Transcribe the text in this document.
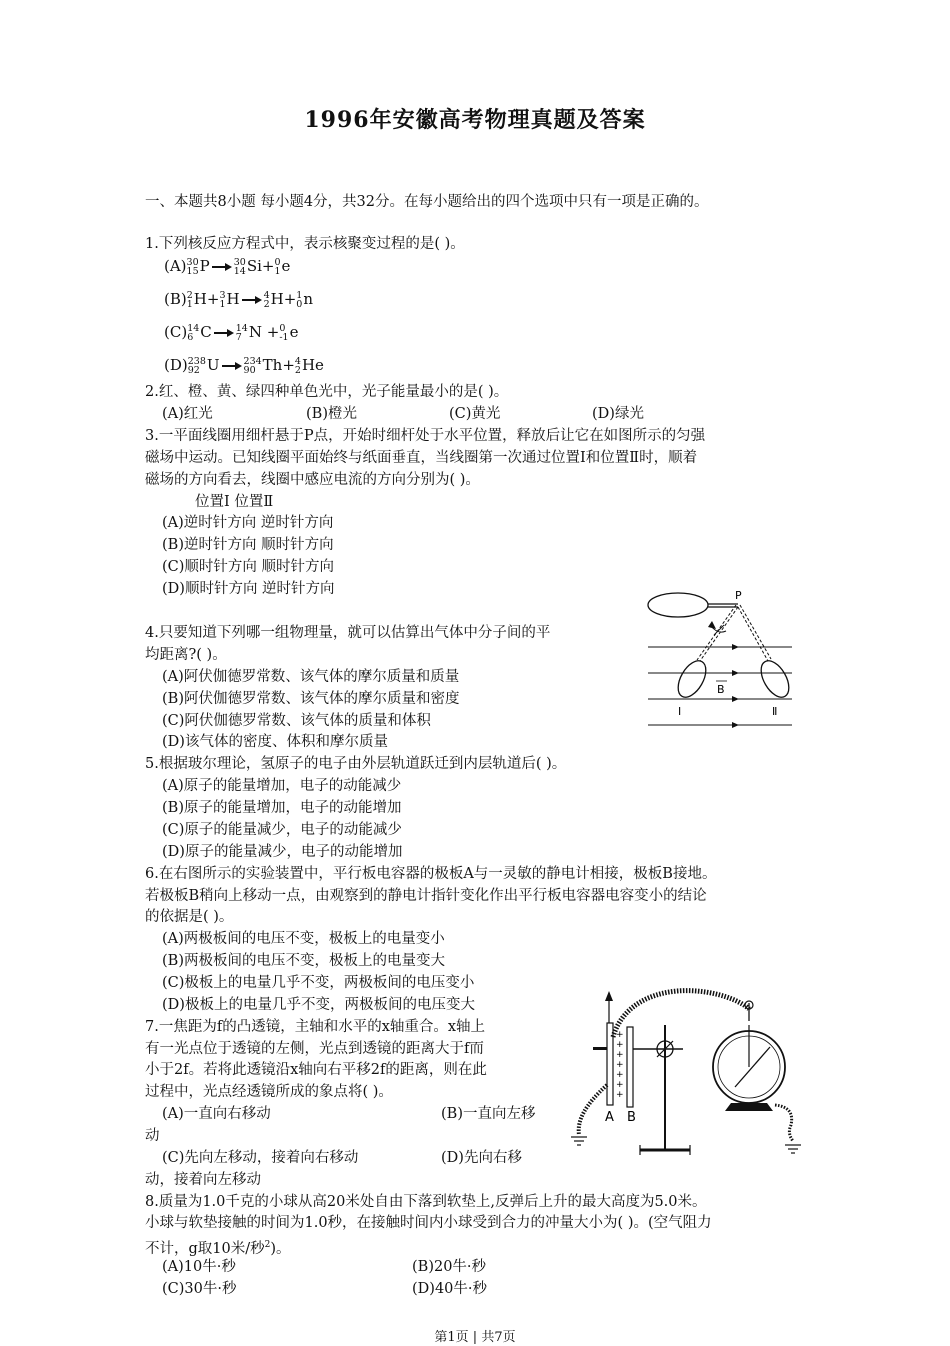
1996年安徽高考物理真题及答案
一、本题共8小题 每小题4分，共32分。在每小题给出的四个选项中只有一项是正确的。
1.下列核反应方程式中，表示核聚变过程的是( )。
(A) 30
15 P → 30
14 Si+ 0
1 e
(B) 2
1 H+ 3
1 H → 4
2 H+ 1
0 n
(C) 14
6 C → 14
7 N + 0
-1 e
(D) 238
92 U → 234
90 Th+ 4
2 He
2.红、橙、黄、绿四种单色光中，光子能量最小的是( )。
(A)红光	(B)橙光	(C)黄光	(D)绿光
3.一平面线圈用细杆悬于P点，开始时细杆处于水平位置，释放后让它在如图所示的匀强
磁场中运动。已知线圈平面始终与纸面垂直，当线圈第一次通过位置Ⅰ和位置Ⅱ时，顺着
磁场的方向看去，线圈中感应电流的方向分别为( )。
位置Ⅰ 位置Ⅱ
(A)逆时针方向 逆时针方向
(B)逆时针方向 顺时针方向
(C)顺时针方向 顺时针方向
(D)顺时针方向 逆时针方向	P
B
Ⅰ	Ⅱ
4.只要知道下列哪一组物理量，就可以估算出气体中分子间的平
均距离?( )。
(A)阿伏伽德罗常数、该气体的摩尔质量和质量
(B)阿伏伽德罗常数、该气体的摩尔质量和密度
(C)阿伏伽德罗常数、该气体的质量和体积
(D)该气体的密度、体积和摩尔质量
5.根据玻尔理论，氢原子的电子由外层轨道跃迁到内层轨道后( )。
(A)原子的能量增加，电子的动能减少
(B)原子的能量增加，电子的动能增加
(C)原子的能量减少，电子的动能减少
(D)原子的能量减少，电子的动能增加
6.在右图所示的实验装置中，平行板电容器的极板A与一灵敏的静电计相接，极板B接地。
若极板B稍向上移动一点，由观察到的静电计指针变化作出平行板电容器电容变小的结论
的依据是( )。
(A)两极板间的电压不变，极板上的电量变小
(B)两极板间的电压不变，极板上的电量变大
(C)极板上的电量几乎不变，两极板间的电压变小
(D)极板上的电量几乎不变，两极板间的电压变大
+
+
+
+
+
+
+
A B
7.一焦距为f的凸透镜，主轴和水平的x轴重合。x轴上
有一光点位于透镜的左侧，光点到透镜的距离大于f而
小于2f。若将此透镜沿x轴向右平移2f的距离，则在此
过程中，光点经透镜所成的象点将( )。
(A)一直向右移动	(B)一直向左移
动
(C)先向左移动，接着向右移动	(D)先向右移
动，接着向左移动
8.质量为1.0千克的小球从高20米处自由下落到软垫上,反弹后上升的最大高度为5.0米。
小球与软垫接触的时间为1.0秒，在接触时间内小球受到合力的冲量大小为( )。(空气阻力
不计，g取10米/秒$^2$)。
(A)10牛·秒	(B)20牛·秒
(C)30牛·秒	(D)40牛·秒
第1页 | 共7页
